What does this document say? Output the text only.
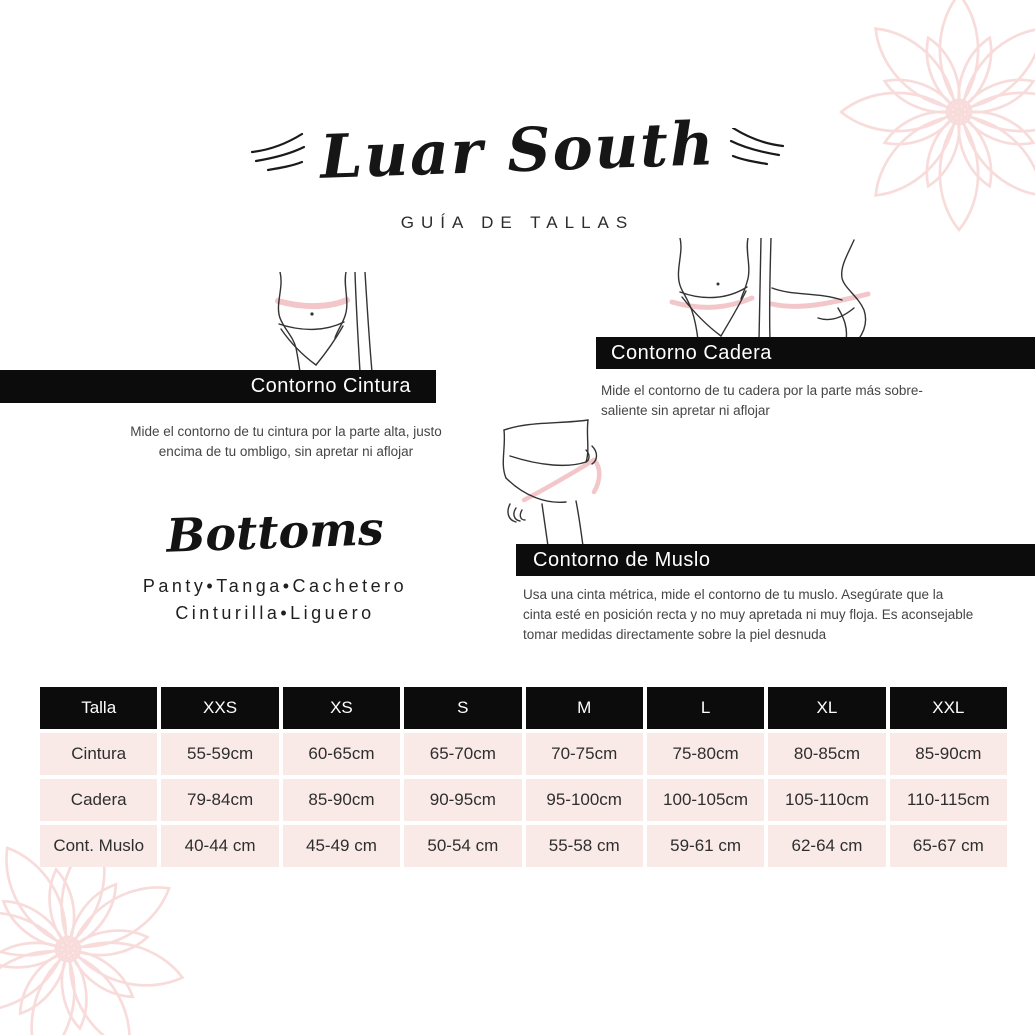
Luar South
GUÍA DE TALLAS
Contorno Cintura
Mide el contorno de tu cintura por la parte alta, justo encima de tu ombligo, sin apretar ni aflojar
Contorno Cadera
Mide el contorno de tu cadera por la parte más sobre-saliente sin apretar ni aflojar
Bottoms
Panty•Tanga•Cachetero
Cinturilla•Liguero
Contorno de Muslo
Usa una cinta métrica, mide el contorno de tu muslo. Asegúrate que la cinta esté en posición recta y no muy apretada ni muy floja. Es aconsejable tomar medidas directamente sobre la piel desnuda
Talla	XXS	XS	S	M	L	XL	XXL
Cintura	55-59cm	60-65cm	65-70cm	70-75cm	75-80cm	80-85cm	85-90cm
Cadera	79-84cm	85-90cm	90-95cm	95-100cm	100-105cm	105-110cm	110-115cm
Cont. Muslo	40-44 cm	45-49 cm	50-54 cm	55-58 cm	59-61 cm	62-64 cm	65-67 cm
